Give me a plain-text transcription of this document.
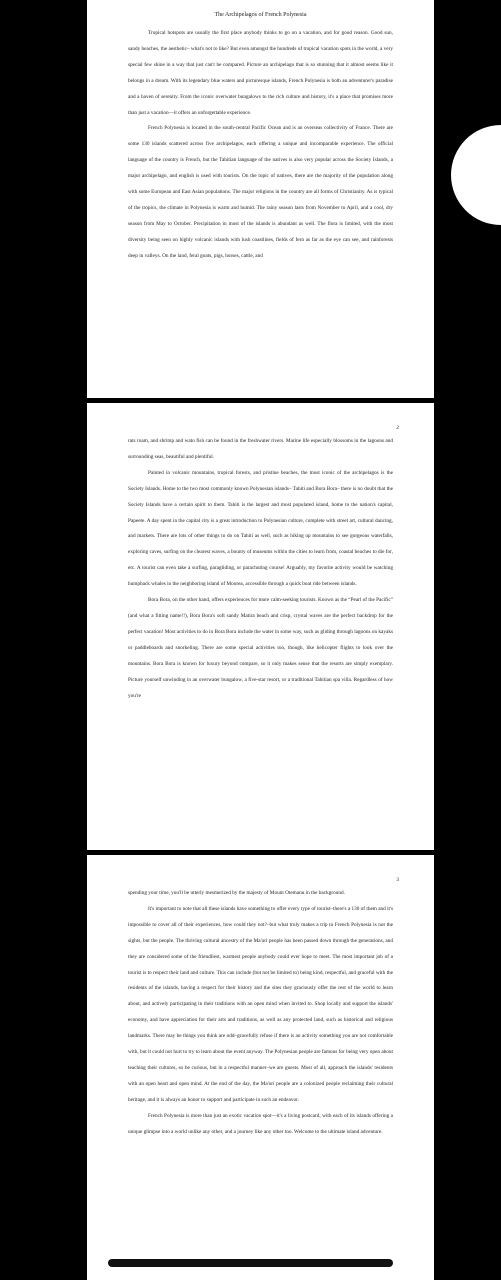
The Archipelagos of French Polynesia

Tropical hotspots are usually the first place anybody thinks to go on a vacation, and for good reason. Good sun, sandy beaches, the aesthetic– what's not to like? But even amongst the hundreds of tropical vacation spots in the world, a very special few shine in a way that just can't be compared. Picture an archipelago that is so stunning that it almost seems like it belongs in a dream. With its legendary blue waters and picturesque islands, French Polynesia is both an adventurer's paradise and a haven of serenity. From the iconic overwater bungalows to the rich culture and history, it's a place that promises more than just a vacation—it offers an unforgettable experience.

French Polynesia is located in the south-central Pacific Ocean and is an overseas collectivity of France. There are some 130 islands scattered across five archipelagos, each offering a unique and incomparable experience. The official language of the country is French, but the Tahitian language of the natives is also very popular across the Society Islands, a major archipelago, and english is used with tourists. On the topic of natives, there are the majority of the population along with some European and East Asian populations. The major religions in the country are all forms of Christianity. As is typical of the tropics, the climate in Polynesia is warm and humid. The rainy season lasts from November to April, and a cool, dry season from May to October. Precipitation in most of the islands is abundant as well. The flora is limited, with the most diversity being seen on highly volcanic islands with lush coastlines, fields of fern as far as the eye can see, and rainforests deep in valleys. On the land, feral goats, pigs, horses, cattle, and

2

rats roam, and shrimp and wato fish can be found in the freshwater rivers. Marine life especially blossoms in the lagoons and surrounding seas, beautiful and plentiful.

Painted in volcanic mountains, tropical forests, and pristine beaches, the most iconic of the archipelagos is the Society Islands. Home to the two most commonly known Polynesian islands– Tahiti and Bora Bora– there is no doubt that the Society Islands have a certain spirit to them. Tahiti is the largest and most populated island, home to the nation's capital, Papeete. A day spent in the capital city is a great introduction to Polynesian culture, complete with street art, cultural dancing, and markets. There are lots of other things to do on Tahiti as well, such as hiking up mountains to see gorgeous waterfalls, exploring caves, surfing on the clearest waves, a bounty of museums within the cities to learn from, coastal beaches to die for, etc. A tourist can even take a surfing, paragliding, or parachuting course! Arguably, my favorite activity would be watching humpback whales in the neighboring island of Moorea, accessible through a quick boat ride between islands.

Bora Bora, on the other hand, offers experiences for more calm-seeking tourists. Known as the “Pearl of the Pacific” (and what a fitting name!!), Bora Bora's soft sandy Matira beach and crisp, crystal waves are the perfect backdrop for the perfect vacation! Most activities to do in Bora Bora include the water in some way, such as gliding through lagoons on kayaks or paddleboards and snorkeling. There are some special activities too, though, like helicopter flights to look over the mountains. Bora Bora is known for luxury beyond compare, so it only makes sense that the resorts are simply exemplary. Picture yourself unwinding in an overwater bungalow, a five-star resort, or a traditional Tahitian spa villa. Regardless of how you're

3

spending your time, you'll be utterly mesmerized by the majesty of Mount Otemanu in the background.

It's important to note that all these islands have something to offer every type of tourist–there's a 130 of them and it's impossible to cover all of their experiences, how could they not?–but what truly makes a trip to French Polynesia is not the sights, but the people. The thriving cultural ancestry of the Ma'ori people has been passed down through the generations, and they are considered some of the friendliest, warmest people anybody could ever hope to meet. The most important job of a tourist is to respect their land and culture. This can include (but not be limited to) being kind, respectful, and graceful with the residents of the islands, having a respect for their history and the sites they graciously offer the rest of the world to learn about, and actively participating in their traditions with an open mind when invited to. Shop locally and support the islands' economy, and have appreciation for their arts and traditions, as well as any protected land, such as historical and religious landmarks. There may be things you think are odd–gracefully refuse if there is an activity something you are not comfortable with, but it could not hurt to try to learn about the event anyway. The Polynesian people are famous for being very open about teaching their cultures, so be curious, but in a respectful manner–we are guests. Most of all, approach the islands' residents with an open heart and open mind. At the end of the day, the Ma'ori people are a colonized people reclaiming their cultural heritage, and it is always an honor to support and participate in such an endeavor.

French Polynesia is more than just an exotic vacation spot—it's a living postcard, with each of its islands offering a unique glimpse into a world unlike any other, and a journey like any other too. Welcome to the ultimate island adventure.
